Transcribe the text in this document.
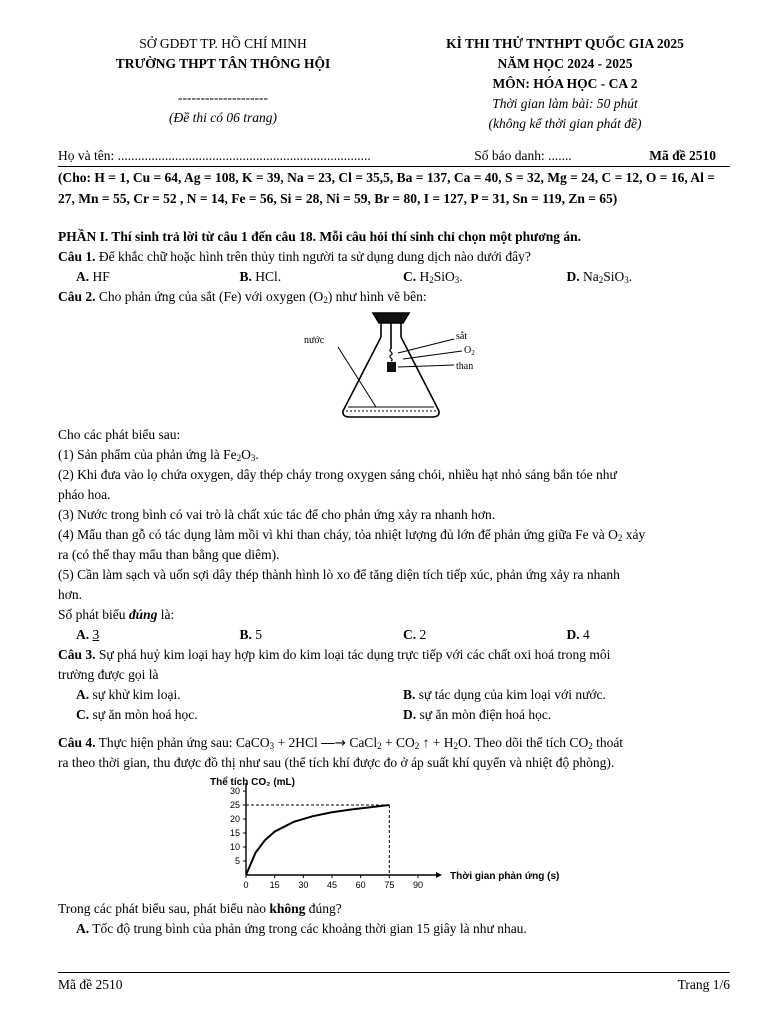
SỞ GDĐT TP. HỒ CHÍ MINH

TRƯỜNG THPT TÂN THÔNG HỘI

--------------------

(Đề thi có 06 trang)

KÌ THI THỬ TNTHPT QUỐC GIA 2025

NĂM HỌC 2024 - 2025

MÔN: HÓA HỌC - CA 2

Thời gian làm bài: 50 phút

(không kể thời gian phát đề)

Họ và tên: ...........................................................................	Số báo danh: .......	Mã đề 2510

(Cho: H = 1, Cu = 64, Ag = 108, K = 39, Na = 23, Cl = 35,5, Ba = 137, Ca = 40, S = 32, Mg = 24, C = 12, O = 16, Al = 27, Mn = 55, Cr = 52 , N = 14, Fe = 56, Si = 28, Ni = 59, Br = 80, I = 127, P = 31, Sn = 119, Zn = 65)

PHẦN I. Thí sinh trả lời từ câu 1 đến câu 18. Mỗi câu hỏi thí sinh chỉ chọn một phương án.

Câu 1. Để khắc chữ hoặc hình trên thủy tinh người ta sử dụng dung dịch nào dưới đây?

A. HF	B. HCl.	C. $H_2SiO_3$.	D. $Na_2SiO_3$.

Câu 2. Cho phản ứng của sắt (Fe) với oxygen $(O_2)$ như hình vẽ bên:

nước	sắt
$O_2$
than

Cho các phát biểu sau:

(1) Sản phẩm của phản ứng là $Fe_2O_3$.

(2) Khi đưa vào lọ chứa oxygen, dây thép cháy trong oxygen sáng chói, nhiều hạt nhỏ sáng bắn tóe như

pháo hoa.

(3) Nước trong bình có vai trò là chất xúc tác để cho phản ứng xảy ra nhanh hơn.

(4) Mẩu than gỗ có tác dụng làm mồi vì khi than cháy, tỏa nhiệt lượng đủ lớn để phản ứng giữa Fe và $O_2$ xảy

ra (có thể thay mẩu than bằng que diêm).

(5) Cần làm sạch và uốn sợi dây thép thành hình lò xo để tăng diện tích tiếp xúc, phản ứng xảy ra nhanh

hơn.

Số phát biểu đúng là:

A. 3	B. 5	C. 2	D. 4

Câu 3. Sự phá huỷ kim loại hay hợp kim do kim loại tác dụng trực tiếp với các chất oxi hoá trong môi

trường được gọi là

A. sự khử kim loại.	B. sự tác dụng của kim loại với nước.
C. sự ăn mòn hoá học.	D. sự ăn mòn điện hoá học.

Câu 4. Thực hiện phản ứng sau: CaCO$_3$ + 2HCl ⎯⎯→ CaCl$_2$ + $CO_2$ ↑ + $H_2O$. Theo dõi thể tích $CO_2$ thoát

ra theo thời gian, thu được đồ thị như sau (thể tích khí được đo ở áp suất khí quyển và nhiệt độ phòng).

0 15 30 45 60 75 90
5
10
15
20
25
30
Thể tích CO₂ (mL)
Thời gian phản ứng (s)

Trong các phát biểu sau, phát biểu nào không đúng?

A. Tốc độ trung bình của phản ứng trong các khoảng thời gian 15 giây là như nhau.

Mã đề 2510	Trang 1/6
